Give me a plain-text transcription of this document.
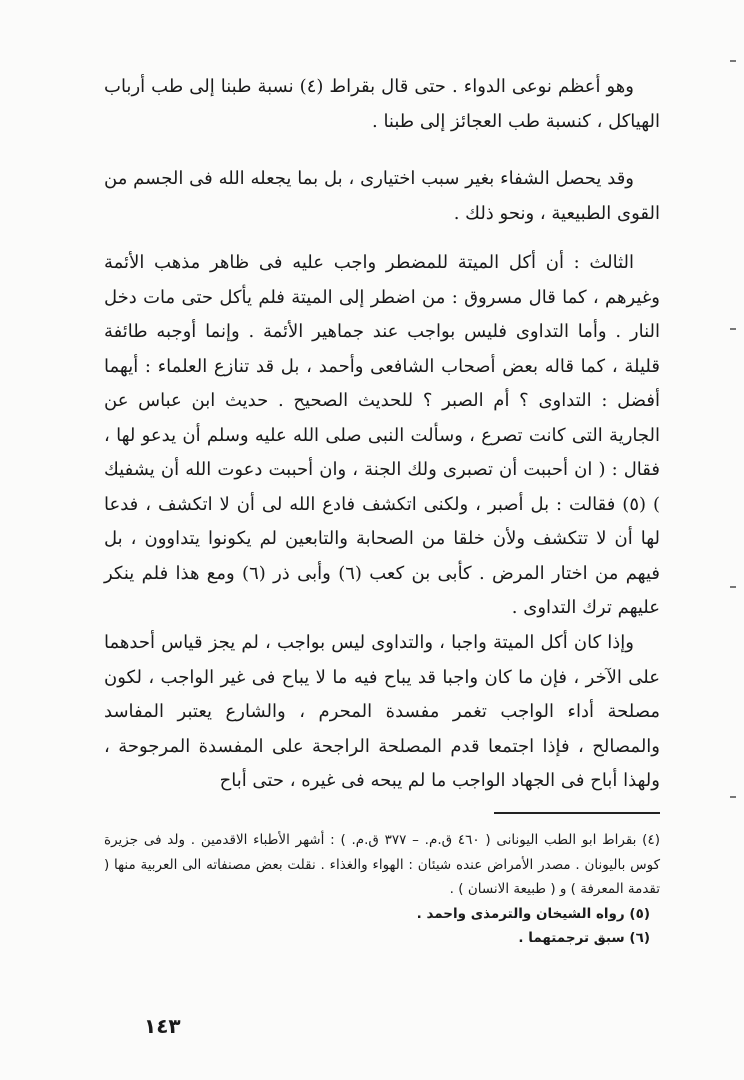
وهو أعظم نوعى الدواء . حتى قال بقراط (٤) نسبة طبنا إلى طب أرباب الهياكل ، كنسبة طب العجائز إلى طبنا .

وقد يحصل الشفاء بغير سبب اختيارى ، بل بما يجعله الله فى الجسم من القوى الطبيعية ، ونحو ذلك .

الثالث : أن أكل الميتة للمضطر واجب عليه فى ظاهر مذهب الأئمة وغيرهم ، كما قال مسروق : من اضطر إلى الميتة فلم يأكل حتى مات دخل النار . وأما التداوى فليس بواجب عند جماهير الأئمة . وإنما أوجبه طائفة قليلة ، كما قاله بعض أصحاب الشافعى وأحمد ، بل قد تنازع العلماء : أيهما أفضل : التداوى ؟ أم الصبر ؟ للحديث الصحيح . حديث ابن عباس عن الجارية التى كانت تصرع ، وسألت النبى صلى الله عليه وسلم أن يدعو لها ، فقال : ( ان أحببت أن تصبرى ولك الجنة ، وان أحببت دعوت الله أن يشفيك ) (٥) فقالت : بل أصبر ، ولكنى اتكشف فادع الله لى أن لا اتكشف ، فدعا لها أن لا تتكشف ولأن خلقا من الصحابة والتابعين لم يكونوا يتداوون ، بل فيهم من اختار المرض . كأبى بن كعب (٦) وأبى ذر (٦) ومع هذا فلم ينكر عليهم ترك التداوى .

وإذا كان أكل الميتة واجبا ، والتداوى ليس بواجب ، لم يجز قياس أحدهما على الآخر ، فإن ما كان واجبا قد يباح فيه ما لا يباح فى غير الواجب ، لكون مصلحة أداء الواجب تغمر مفسدة المحرم ، والشارع يعتبر المفاسد والمصالح ، فإذا اجتمعا قدم المصلحة الراجحة على المفسدة المرجوحة ، ولهذا أباح فى الجهاد الواجب ما لم يبحه فى غيره ، حتى أباح

(٤) بقراط ابو الطب اليونانى ( ٤٦٠ ق.م. – ٣٧٧ ق.م. ) : أشهر الأطباء الاقدمين . ولد فى جزيرة كوس باليونان . مصدر الأمراض عنده شيئان : الهواء والغذاء . نقلت بعض مصنفاته الى العربية منها ( تقدمة المعرفة ) و ( طبيعة الانسان ) .

(٥) رواه الشيخان والترمذى واحمد .

(٦) سبق ترجمتهما .

١٤٣
